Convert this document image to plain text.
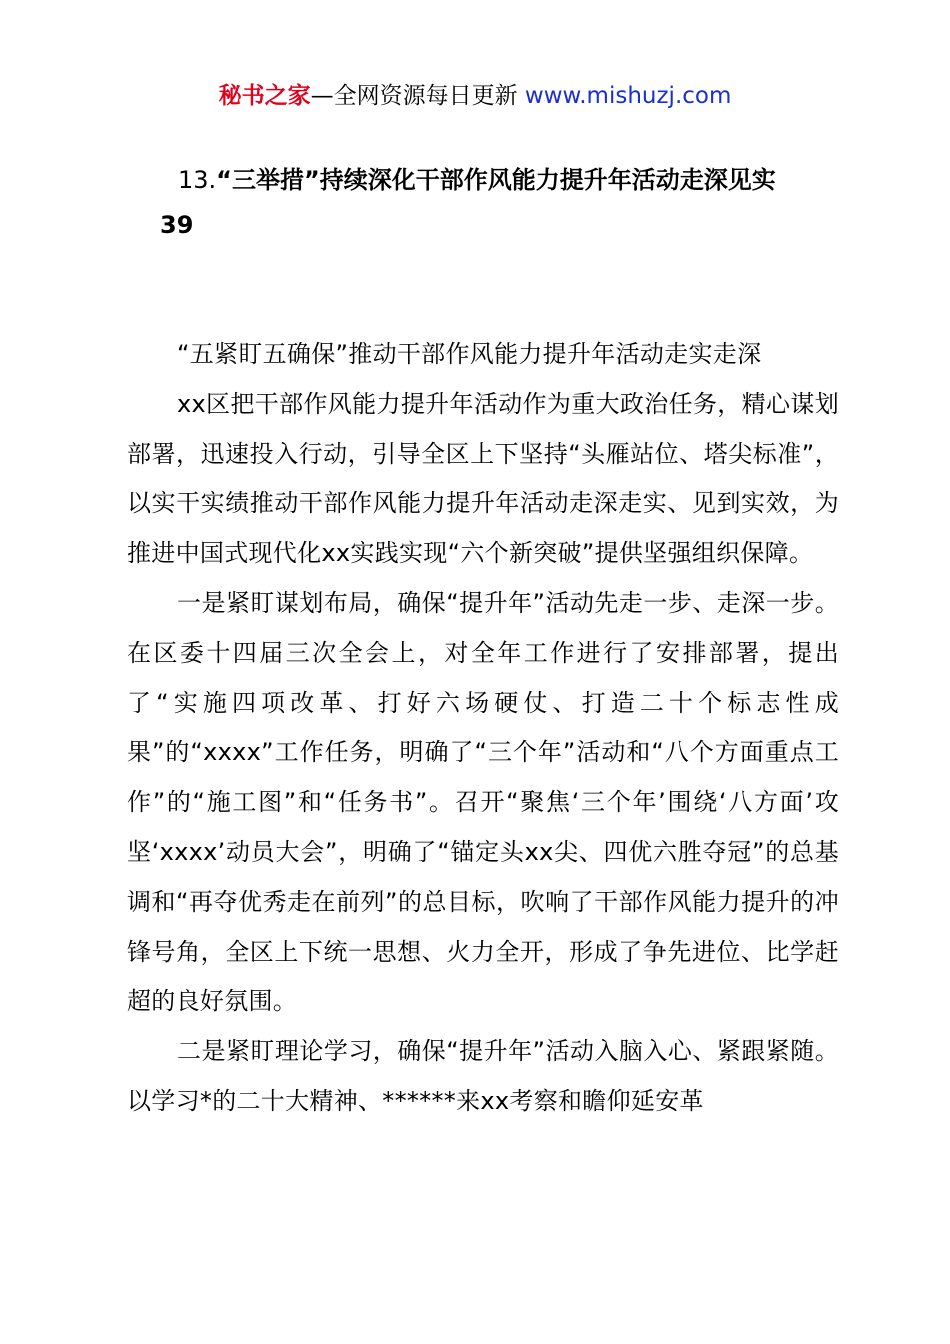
秘书之家—全网资源每日更新 www.mishuzj.com
13.“三举措”持续深化干部作风能力提升年活动走深见实
39

“五紧盯五确保”推动干部作风能力提升年活动走实走深

xx区把干部作风能力提升年活动作为重大政治任务，精心谋划部署，迅速投入行动，引导全区上下坚持“头雁站位、塔尖标准”，以实干实绩推动干部作风能力提升年活动走深走实、见到实效，为推进中国式现代化xx实践实现“六个新突破”提供坚强组织保障。

一是紧盯谋划布局，确保“提升年”活动先走一步、走深一步。在区委十四届三次全会上，对全年工作进行了安排部署，提出了“实施四项改革、打好六场硬仗、打造二十个标志性成果”的“xxxx”工作任务，明确了“三个年”活动和“八个方面重点工作”的“施工图”和“任务书”。召开“聚焦‘三个年’围绕‘八方面’攻坚‘xxxx’动员大会”，明确了“锚定头xx尖、四优六胜夺冠”的总基调和“再夺优秀走在前列”的总目标，吹响了干部作风能力提升的冲锋号角，全区上下统一思想、火力全开，形成了争先进位、比学赶超的良好氛围。

二是紧盯理论学习，确保“提升年”活动入脑入心、紧跟紧随。以学习*的二十大精神、******来xx考察和瞻仰延安革
